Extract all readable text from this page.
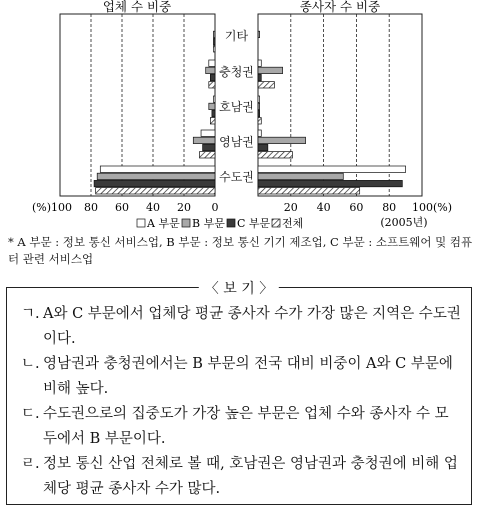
기타
충청권
호남권
영남권
수도권
(%)100 80 60 40 20 0	20 40 60 80 100(%)
A 부문 B 부문 C 부문 전체
업체 수 비중	종사자 수 비중
(2005년)
* A 부문 : 정보 통신 서비스업, B 부문 : 정보 통신 기기 제조업, C 부문 : 소프트웨어 및 컴퓨터 관련 서비스업
〈 보 기 〉
ㄱ. A와 C 부문에서 업체당 평균 종사자 수가 가장 많은 지역은 수도권이다.
ㄴ. 영남권과 충청권에서는 B 부문의 전국 대비 비중이 A와 C 부문에 비해 높다.
ㄷ. 수도권으로의 집중도가 가장 높은 부문은 업체 수와 종사자 수 모두에서 B 부문이다.
ㄹ. 정보 통신 산업 전체로 볼 때, 호남권은 영남권과 충청권에 비해 업체당 평균 종사자 수가 많다.
